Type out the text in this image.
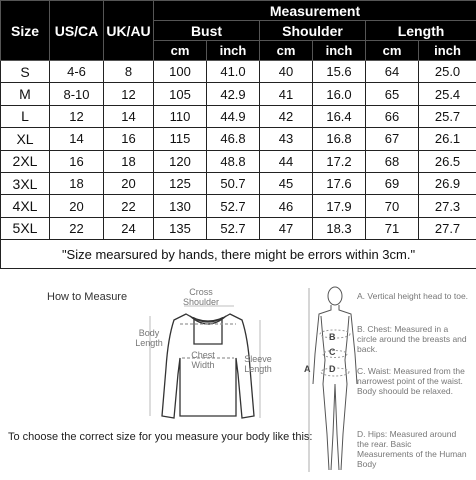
Size	US/CA	UK/AU	Measurement					
			Bust		Shoulder		Length	
			cm	inch	cm	inch	cm	inch
S	4-6	8	100	41.0	40	15.6	64	25.0
M	8-10	12	105	42.9	41	16.0	65	25.4
L	12	14	110	44.9	42	16.4	66	25.7
XL	14	16	115	46.8	43	16.8	67	26.1
2XL	16	18	120	48.8	44	17.2	68	26.5
3XL	18	20	125	50.7	45	17.6	69	26.9
4XL	20	22	130	52.7	46	17.9	70	27.3
5XL	22	24	135	52.7	47	18.3	71	27.7
"Size mearsured by hands, there might be errors within 3cm."								
How to Measure	Cross Shoulder
Body Length
Chest Width
Sleeve Length
To choose the correct size for you measure your body like this:
A
B
C
D
A. Vertical height head to toe.
B. Chest: Measured in a circle around the breasts and back.
C. Waist: Measured from the narrowest point of the waist. Body shoould be relaxed.
D. Hips: Measured around the rear. Basic Measurements of the Human Body
